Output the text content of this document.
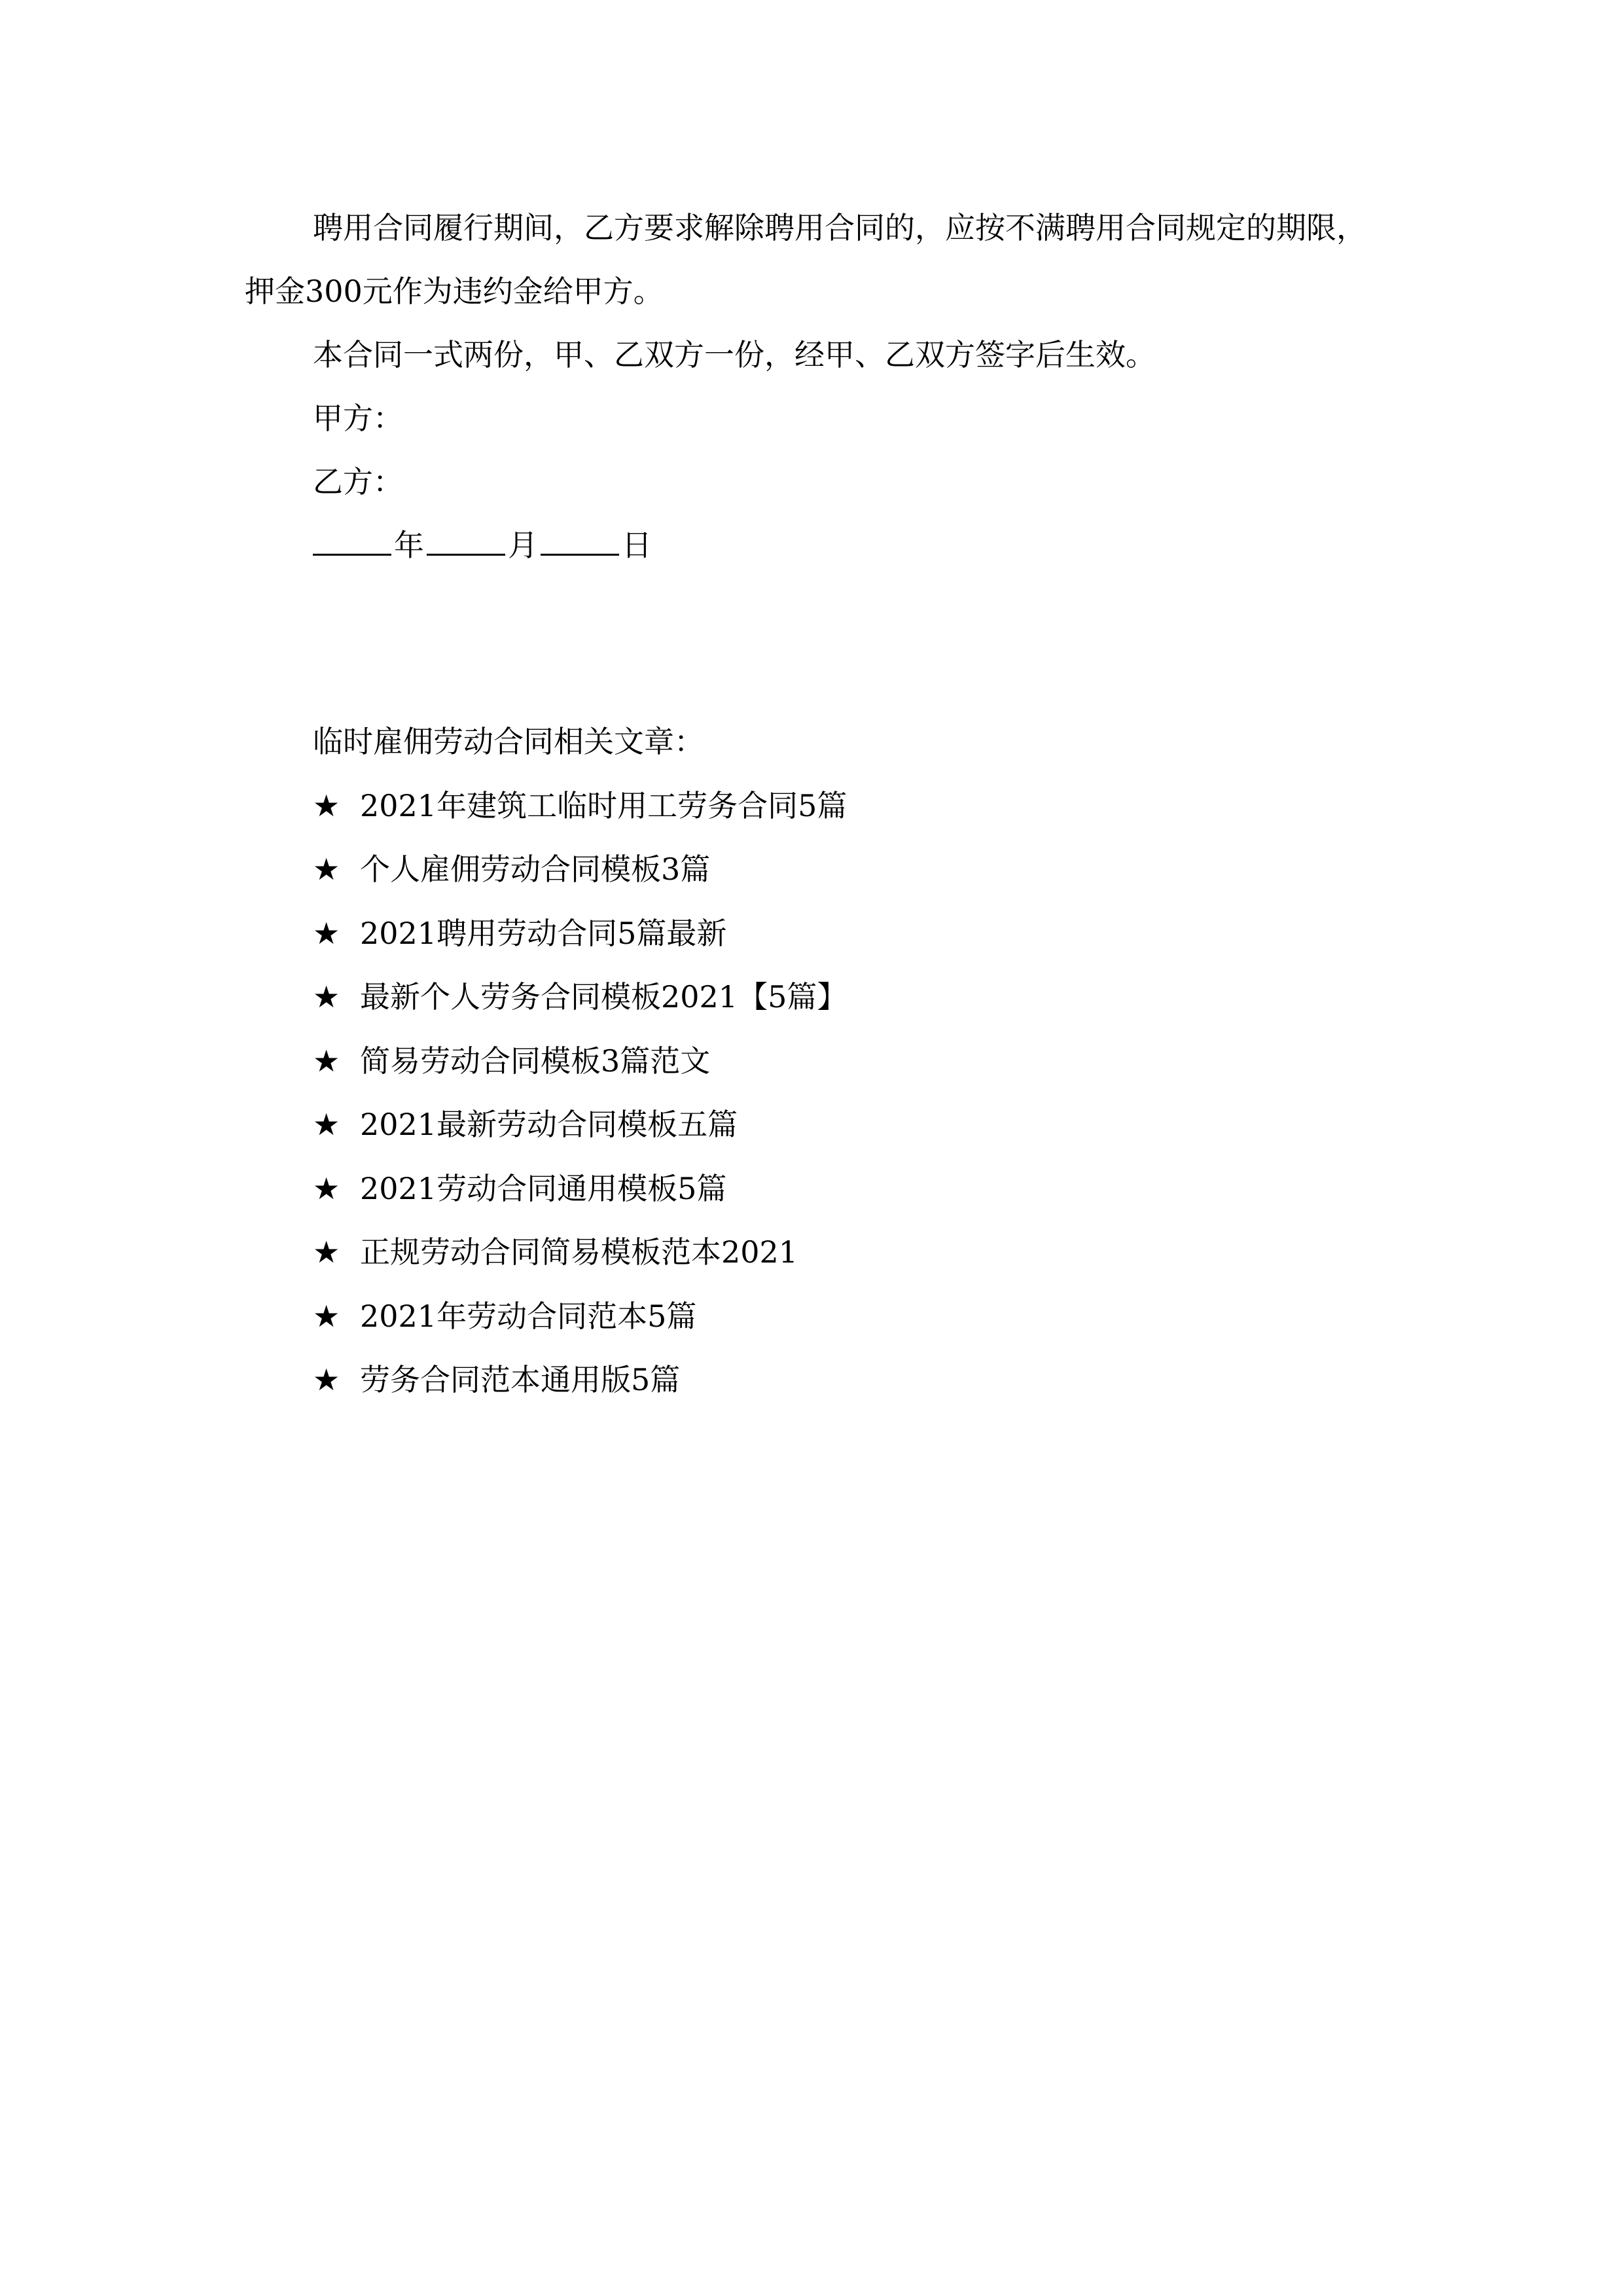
聘用合同履行期间，乙方要求解除聘用合同的，应按不满聘用合同规定的期限，押金300元作为违约金给甲方。

本合同一式两份，甲、乙双方一份，经甲、乙双方签字后生效。

甲方：

乙方：

年	月	日

临时雇佣劳动合同相关文章：

★ 2021年建筑工临时用工劳务合同5篇
★ 个人雇佣劳动合同模板3篇
★ 2021聘用劳动合同5篇最新
★ 最新个人劳务合同模板2021【5篇】
★ 简易劳动合同模板3篇范文
★ 2021最新劳动合同模板五篇
★ 2021劳动合同通用模板5篇
★ 正规劳动合同简易模板范本2021
★ 2021年劳动合同范本5篇
★ 劳务合同范本通用版5篇
